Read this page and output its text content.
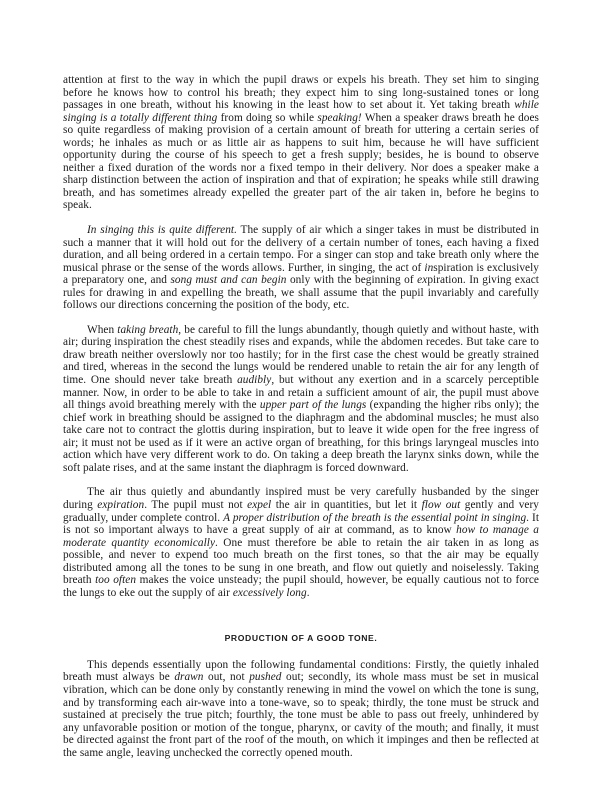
attention at first to the way in which the pupil draws or expels his breath. They set him to singing before he knows how to control his breath; they expect him to sing long-sustained tones or long passages in one breath, without his knowing in the least how to set about it. Yet taking breath while singing is a totally different thing from doing so while speaking! When a speaker draws breath he does so quite regardless of making provision of a certain amount of breath for uttering a certain series of words; he inhales as much or as little air as happens to suit him, because he will have sufficient opportunity during the course of his speech to get a fresh supply; besides, he is bound to observe neither a fixed duration of the words nor a fixed tempo in their delivery. Nor does a speaker make a sharp distinction between the action of inspiration and that of expiration; he speaks while still drawing breath, and has sometimes already expelled the greater part of the air taken in, before he begins to speak.

In singing this is quite different. The supply of air which a singer takes in must be distributed in such a manner that it will hold out for the delivery of a certain number of tones, each having a fixed duration, and all being ordered in a certain tempo. For a singer can stop and take breath only where the musical phrase or the sense of the words allows. Further, in singing, the act of inspiration is exclusively a preparatory one, and song must and can begin only with the beginning of expiration. In giving exact rules for drawing in and expelling the breath, we shall assume that the pupil invariably and carefully follows our directions concerning the position of the body, etc.

When taking breath, be careful to fill the lungs abundantly, though quietly and without haste, with air; during inspiration the chest steadily rises and expands, while the abdomen recedes. But take care to draw breath neither overslowly nor too hastily; for in the first case the chest would be greatly strained and tired, whereas in the second the lungs would be rendered unable to retain the air for any length of time. One should never take breath audibly, but without any exertion and in a scarcely perceptible manner. Now, in order to be able to take in and retain a sufficient amount of air, the pupil must above all things avoid breathing merely with the upper part of the lungs (expanding the higher ribs only); the chief work in breathing should be assigned to the diaphragm and the abdominal muscles; he must also take care not to contract the glottis during inspiration, but to leave it wide open for the free ingress of air; it must not be used as if it were an active organ of breathing, for this brings laryngeal muscles into action which have very different work to do. On taking a deep breath the larynx sinks down, while the soft palate rises, and at the same instant the diaphragm is forced downward.

The air thus quietly and abundantly inspired must be very carefully husbanded by the singer during expiration. The pupil must not expel the air in quantities, but let it flow out gently and very gradually, under complete control. A proper distribution of the breath is the essential point in singing. It is not so important always to have a great supply of air at command, as to know how to manage a moderate quantity economically. One must therefore be able to retain the air taken in as long as possible, and never to expend too much breath on the first tones, so that the air may be equally distributed among all the tones to be sung in one breath, and flow out quietly and noiselessly. Taking breath too often makes the voice unsteady; the pupil should, however, be equally cautious not to force the lungs to eke out the supply of air excessively long.

PRODUCTION OF A GOOD TONE.

This depends essentially upon the following fundamental conditions: Firstly, the quietly inhaled breath must always be drawn out, not pushed out; secondly, its whole mass must be set in musical vibration, which can be done only by constantly renewing in mind the vowel on which the tone is sung, and by transforming each air-wave into a tone-wave, so to speak; thirdly, the tone must be struck and sustained at precisely the true pitch; fourthly, the tone must be able to pass out freely, unhindered by any unfavorable position or motion of the tongue, pharynx, or cavity of the mouth; and finally, it must be directed against the front part of the roof of the mouth, on which it impinges and then be reflected at the same angle, leaving unchecked the correctly opened mouth.
